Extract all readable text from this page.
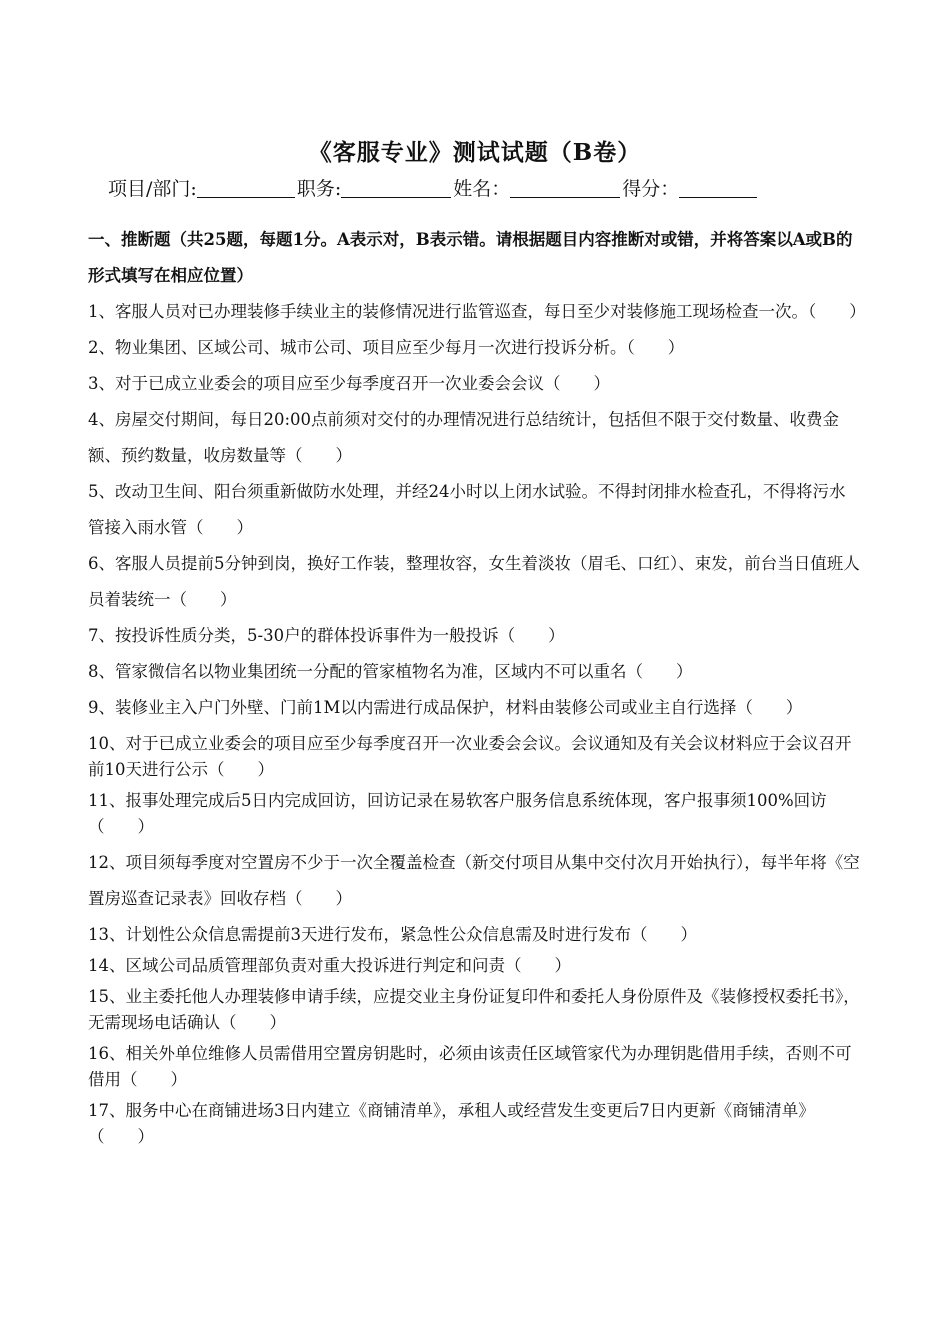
《客服专业》测试试题（B卷）
项目/部门:	职务:	姓名：	得分：

一、推断题（共25题，每题1分。A表示对，B表示错。请根据题目内容推断对或错，并将答案以A或B的形式填写在相应位置）

1、客服人员对已办理装修手续业主的装修情况进行监管巡查，每日至少对装修施工现场检查一次。（　　）

2、物业集团、区域公司、城市公司、项目应至少每月一次进行投诉分析。（　　）

3、对于已成立业委会的项目应至少每季度召开一次业委会会议（　　）

4、房屋交付期间，每日20:00点前须对交付的办理情况进行总结统计，包括但不限于交付数量、收费金额、预约数量，收房数量等（　　）

5、改动卫生间、阳台须重新做防水处理，并经24小时以上闭水试验。不得封闭排水检查孔，不得将污水管接入雨水管（　　）

6、客服人员提前5分钟到岗，换好工作装，整理妆容，女生着淡妆（眉毛、口红）、束发，前台当日值班人员着装统一（　　）

7、按投诉性质分类，5-30户的群体投诉事件为一般投诉（　　）

8、管家微信名以物业集团统一分配的管家植物名为准，区域内不可以重名（　　）

9、装修业主入户门外壁、门前1M以内需进行成品保护，材料由装修公司或业主自行选择（　　）

10、对于已成立业委会的项目应至少每季度召开一次业委会会议。会议通知及有关会议材料应于会议召开前10天进行公示（　　）

11、报事处理完成后5日内完成回访，回访记录在易软客户服务信息系统体现，客户报事须100%回访（　　）

12、项目须每季度对空置房不少于一次全覆盖检查（新交付项目从集中交付次月开始执行），每半年将《空置房巡查记录表》回收存档（　　）

13、计划性公众信息需提前3天进行发布，紧急性公众信息需及时进行发布（　　）

14、区域公司品质管理部负责对重大投诉进行判定和问责（　　）

15、业主委托他人办理装修申请手续，应提交业主身份证复印件和委托人身份原件及《装修授权委托书》，无需现场电话确认（　　）

16、相关外单位维修人员需借用空置房钥匙时，必须由该责任区域管家代为办理钥匙借用手续，否则不可借用（　　）

17、服务中心在商铺进场3日内建立《商铺清单》，承租人或经营发生变更后7日内更新《商铺清单》（　　）
